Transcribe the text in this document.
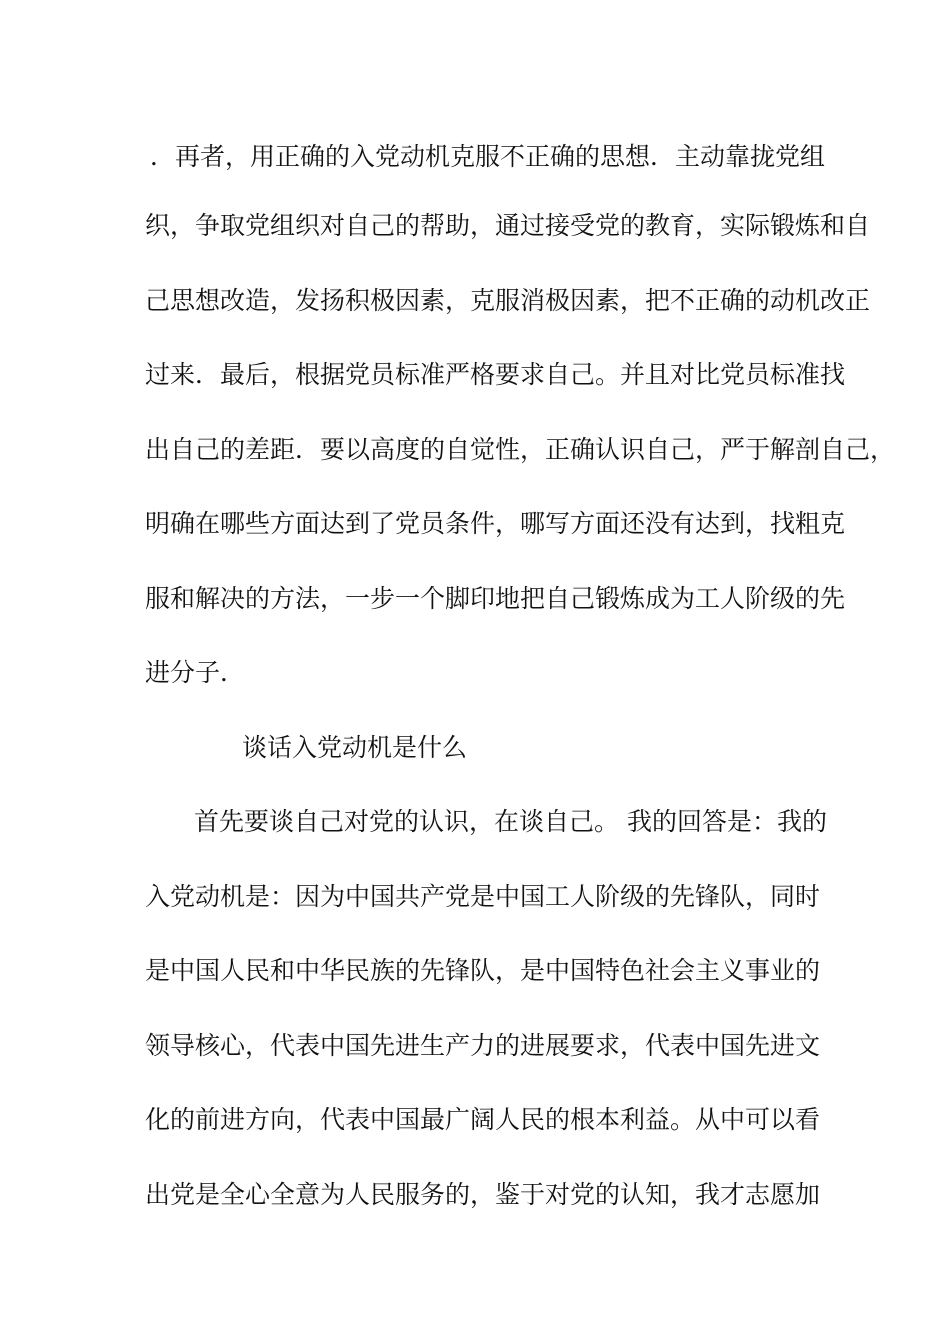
．再者，用正确的入党动机克服不正确的思想．主动靠拢党组
织，争取党组织对自己的帮助，通过接受党的教育，实际锻炼和自
己思想改造，发扬积极因素，克服消极因素，把不正确的动机改正
过来．最后，根据党员标准严格要求自己。并且对比党员标准找
出自己的差距．要以高度的自觉性，正确认识自己，严于解剖自己，
明确在哪些方面达到了党员条件，哪写方面还没有达到，找粗克
服和解决的方法，一步一个脚印地把自己锻炼成为工人阶级的先
进分子．
谈话入党动机是什么
首先要谈自己对党的认识，在谈自己。 我的回答是：我的
入党动机是：因为中国共产党是中国工人阶级的先锋队，同时
是中国人民和中华民族的先锋队，是中国特色社会主义事业的
领导核心，代表中国先进生产力的进展要求，代表中国先进文
化的前进方向，代表中国最广阔人民的根本利益。从中可以看
出党是全心全意为人民服务的，鉴于对党的认知，我才志愿加
